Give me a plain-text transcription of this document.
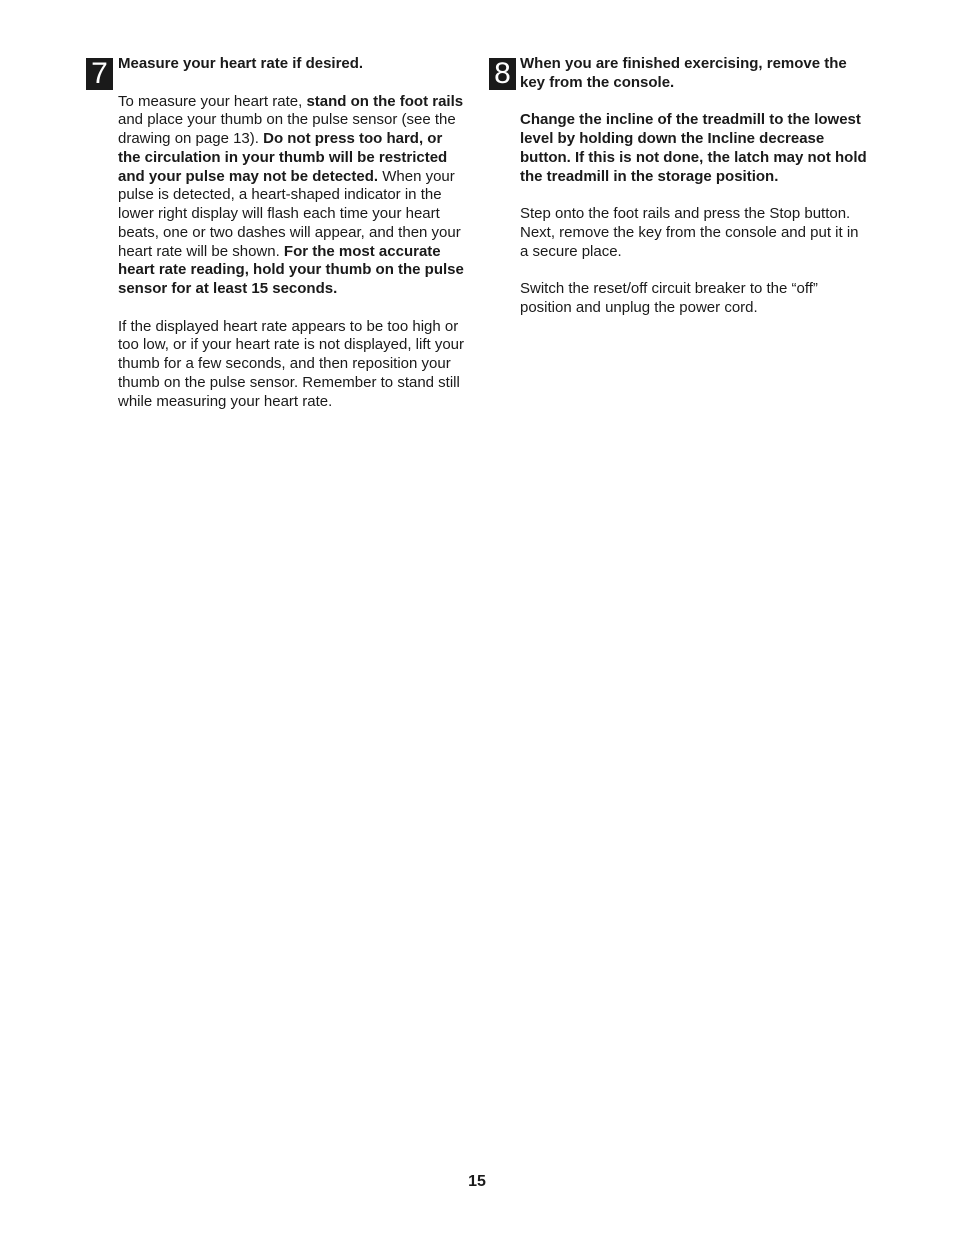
7 Measure your heart rate if desired.

To measure your heart rate, stand on the foot rails and place your thumb on the pulse sensor (see the drawing on page 13). Do not press too hard, or the circulation in your thumb will be restricted and your pulse may not be detected. When your pulse is detected, a heart-shaped indicator in the lower right display will flash each time your heart beats, one or two dashes will appear, and then your heart rate will be shown. For the most accurate heart rate reading, hold your thumb on the pulse sensor for at least 15 seconds.

If the displayed heart rate appears to be too high or too low, or if your heart rate is not displayed, lift your thumb for a few seconds, and then reposition your thumb on the pulse sensor. Remember to stand still while measuring your heart rate.

8 When you are finished exercising, remove the key from the console.

Change the incline of the treadmill to the lowest level by holding down the Incline decrease button. If this is not done, the latch may not hold the treadmill in the storage position.

Step onto the foot rails and press the Stop button. Next, remove the key from the console and put it in a secure place.

Switch the reset/off circuit breaker to the “off” position and unplug the power cord.

15
